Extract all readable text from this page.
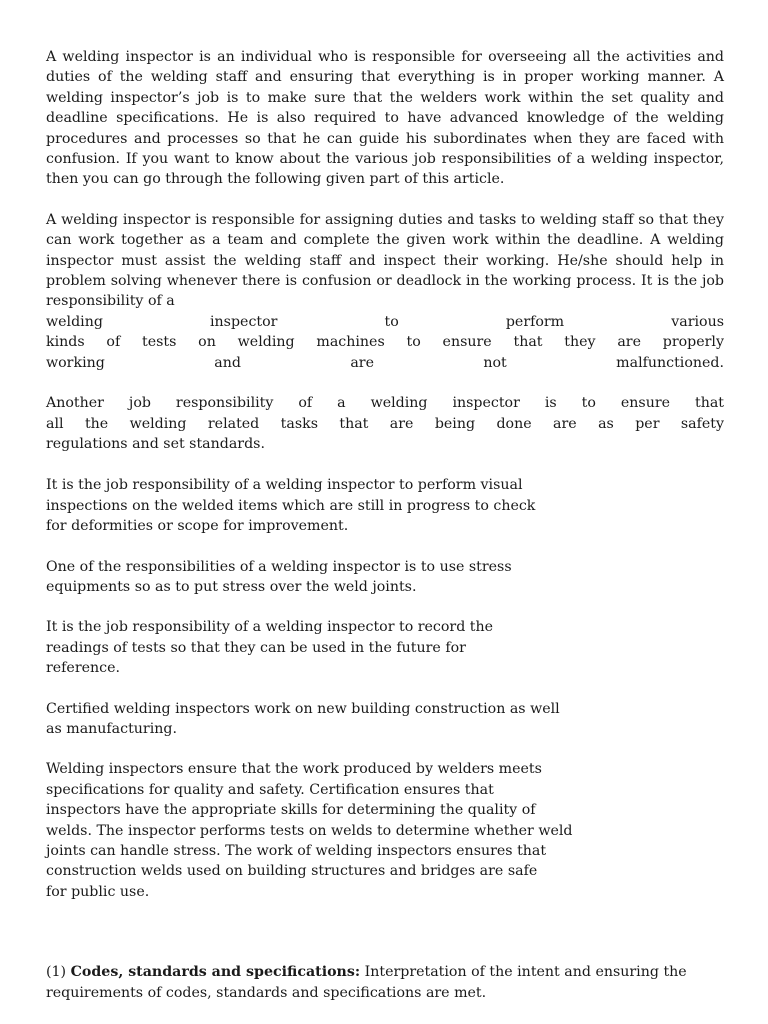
A welding inspector is an individual who is responsible for overseeing all the activities and duties of the welding staff and ensuring that everything is in proper working manner. A welding inspector’s job is to make sure that the welders work within the set quality and deadline specifications. He is also required to have advanced knowledge of the welding procedures and processes so that he can guide his subordinates when they are faced with confusion. If you want to know about the various job responsibilities of a welding inspector, then you can go through the following given part of this article.

A welding inspector is responsible for assigning duties and tasks to welding staff so that they can work together as a team and complete the given work within the deadline. A welding inspector must assist the welding staff and inspect their working. He/she should help in problem solving whenever there is confusion or deadlock in the working process. It is the job responsibility of a
welding inspector to perform various
kinds of tests on welding machines to ensure that they are properly
working and are not malfunctioned.

Another job responsibility of a welding inspector is to ensure that
all the welding related tasks that are being done are as per safety
regulations and set standards.

It is the job responsibility of a welding inspector to perform visual
inspections on the welded items which are still in progress to check
for deformities or scope for improvement.

One of the responsibilities of a welding inspector is to use stress
equipments so as to put stress over the weld joints.

It is the job responsibility of a welding inspector to record the
readings of tests so that they can be used in the future for
reference.

Certified welding inspectors work on new building construction as well
as manufacturing.

Welding inspectors ensure that the work produced by welders meets
specifications for quality and safety. Certification ensures that
inspectors have the appropriate skills for determining the quality of
welds. The inspector performs tests on welds to determine whether weld
joints can handle stress. The work of welding inspectors ensures that
construction welds used on building structures and bridges are safe
for public use.

(1) Codes, standards and specifications: Interpretation of the intent and ensuring the requirements of codes, standards and specifications are met.
